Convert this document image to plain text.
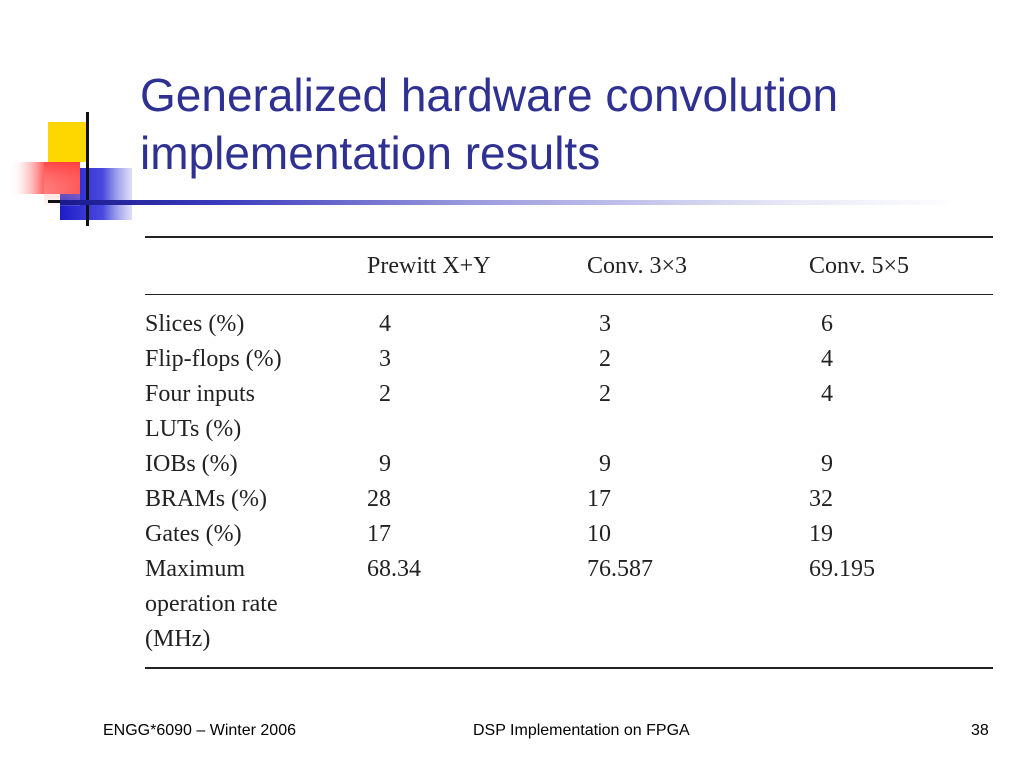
Generalized hardware convolution
implementation results
	Prewitt X+Y	Conv. 3×3	Conv. 5×5

Slices (%)	4	3	6

Flip-flops (%)	3	2	4

Four inputs LUTs (%)	2	2	4

IOBs (%)	9	9	9

BRAMs (%)	28	17	32

Gates (%)	17	10	19

Maximum operation rate (MHz)	68.34	76.587	69.195
ENGG*6090 – Winter 2006	DSP Implementation on FPGA	38
